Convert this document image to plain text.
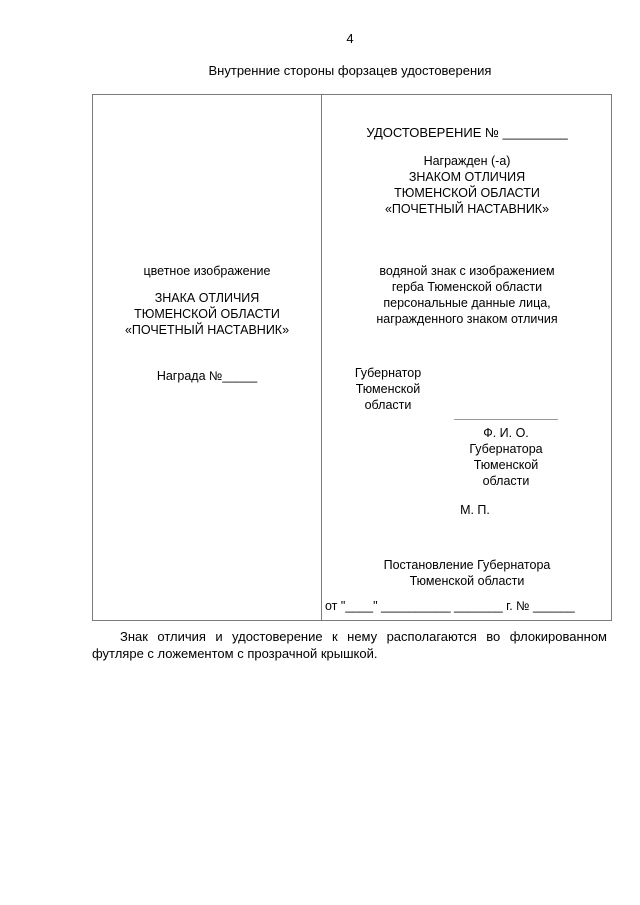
4
Внутренние стороны форзацев удостоверения
цветное изображение
ЗНАКА ОТЛИЧИЯ
ТЮМЕНСКОЙ ОБЛАСТИ
«ПОЧЕТНЫЙ НАСТАВНИК»
Награда №_____
УДОСТОВЕРЕНИЕ № _________
Награжден (-а)
ЗНАКОМ ОТЛИЧИЯ
ТЮМЕНСКОЙ ОБЛАСТИ
«ПОЧЕТНЫЙ НАСТАВНИК»
водяной знак с изображением
герба Тюменской области
персональные данные лица,
награжденного знаком отличия
Губернатор
Тюменской
области
Ф. И. О.
Губернатора
Тюменской
области
М. П.
Постановление Губернатора
Тюменской области
от "____" __________ _______ г. № ______
Знак отличия и удостоверение к нему располагаются во флокированном футляре с ложементом с прозрачной крышкой.
